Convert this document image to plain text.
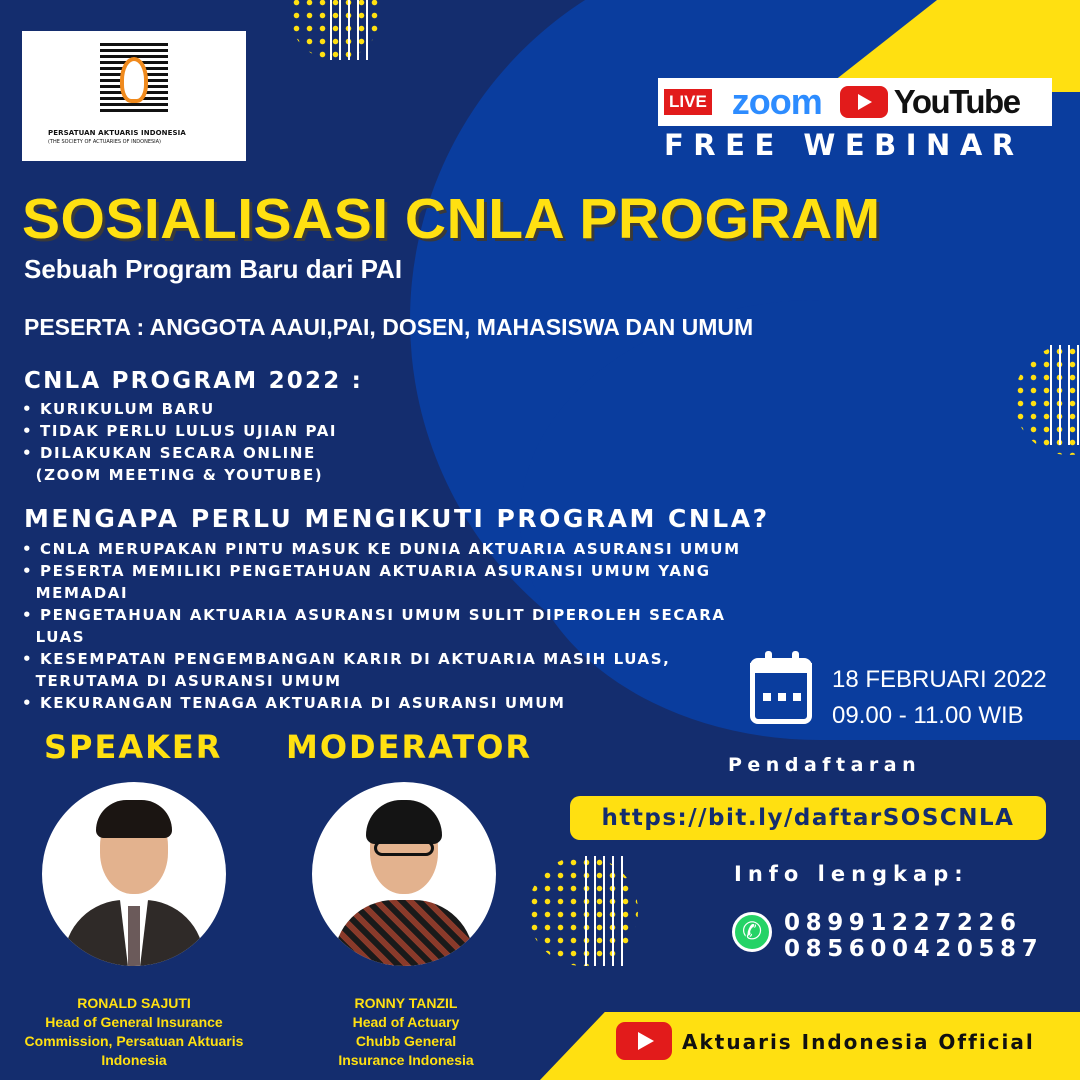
PERSATUAN AKTUARIS INDONESIA
(THE SOCIETY OF ACTUARIES OF INDONESIA)
LIVE zoom YouTube
FREE WEBINAR
SOSIALISASI CNLA PROGRAM
Sebuah Program Baru dari PAI
PESERTA : ANGGOTA AAUI,PAI, DOSEN, MAHASISWA DAN UMUM
CNLA PROGRAM 2022 :
• KURIKULUM BARU
• TIDAK PERLU LULUS UJIAN PAI
• DILAKUKAN SECARA ONLINE
(ZOOM MEETING & YOUTUBE)
MENGAPA PERLU MENGIKUTI PROGRAM CNLA?
• CNLA MERUPAKAN PINTU MASUK KE DUNIA AKTUARIA ASURANSI UMUM
• PESERTA MEMILIKI PENGETAHUAN AKTUARIA ASURANSI UMUM YANG
MEMADAI
• PENGETAHUAN AKTUARIA ASURANSI UMUM SULIT DIPEROLEH SECARA
LUAS
• KESEMPATAN PENGEMBANGAN KARIR DI AKTUARIA MASIH LUAS,
TERUTAMA DI ASURANSI UMUM
• KEKURANGAN TENAGA AKTUARIA DI ASURANSI UMUM
18 FEBRUARI 2022
09.00 - 11.00 WIB
SPEAKER MODERATOR
RONALD SAJUTI
Head of General Insurance
Commission, Persatuan Aktuaris
Indonesia
RONNY TANZIL
Head of Actuary
Chubb General
Insurance Indonesia
Pendaftaran
https://bit.ly/daftarSOSCNLA
Info lengkap:
✆
08991227226
085600420587
Aktuaris Indonesia Official
